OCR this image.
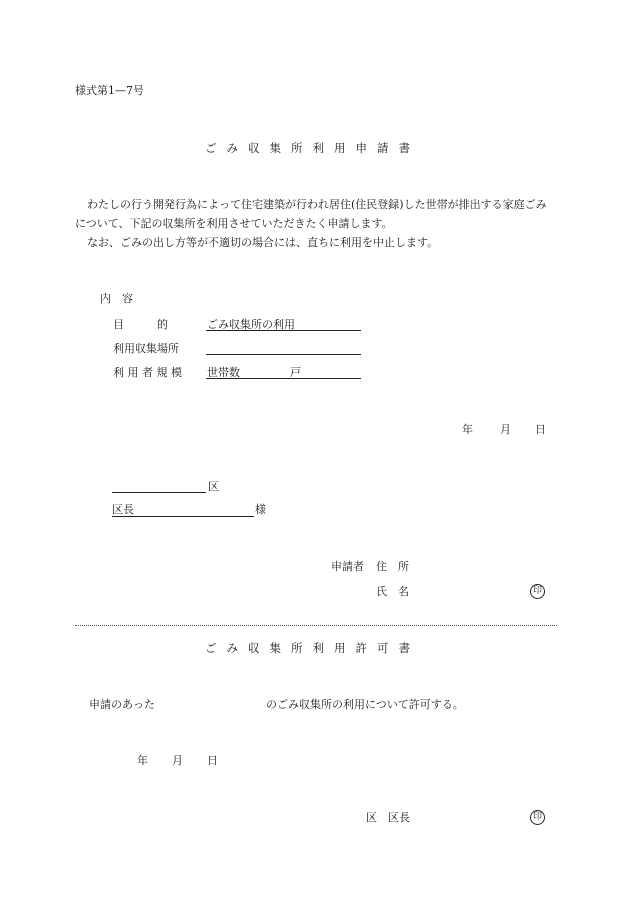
様式第1—7号
ごみ収集所利用申請書

わたしの行う開発行為によって住宅建築が行われ居住(住民登録)した世帯が排出する家庭ごみについて、下記の収集所を利用させていただきたく申請します。

なお、ごみの出し方等が不適切の場合には、直ちに利用を中止します。

内　容
目　　　的	ごみ収集所の利用
利用収集場所
利 用 者 規 模 世帯数	戸
年 月 日
区
区長	様
申請者 住　所
氏　名	印
ごみ収集所利用許可書
申請のあった	のごみ収集所の利用について許可する。
年 月 日
区　区長	印
